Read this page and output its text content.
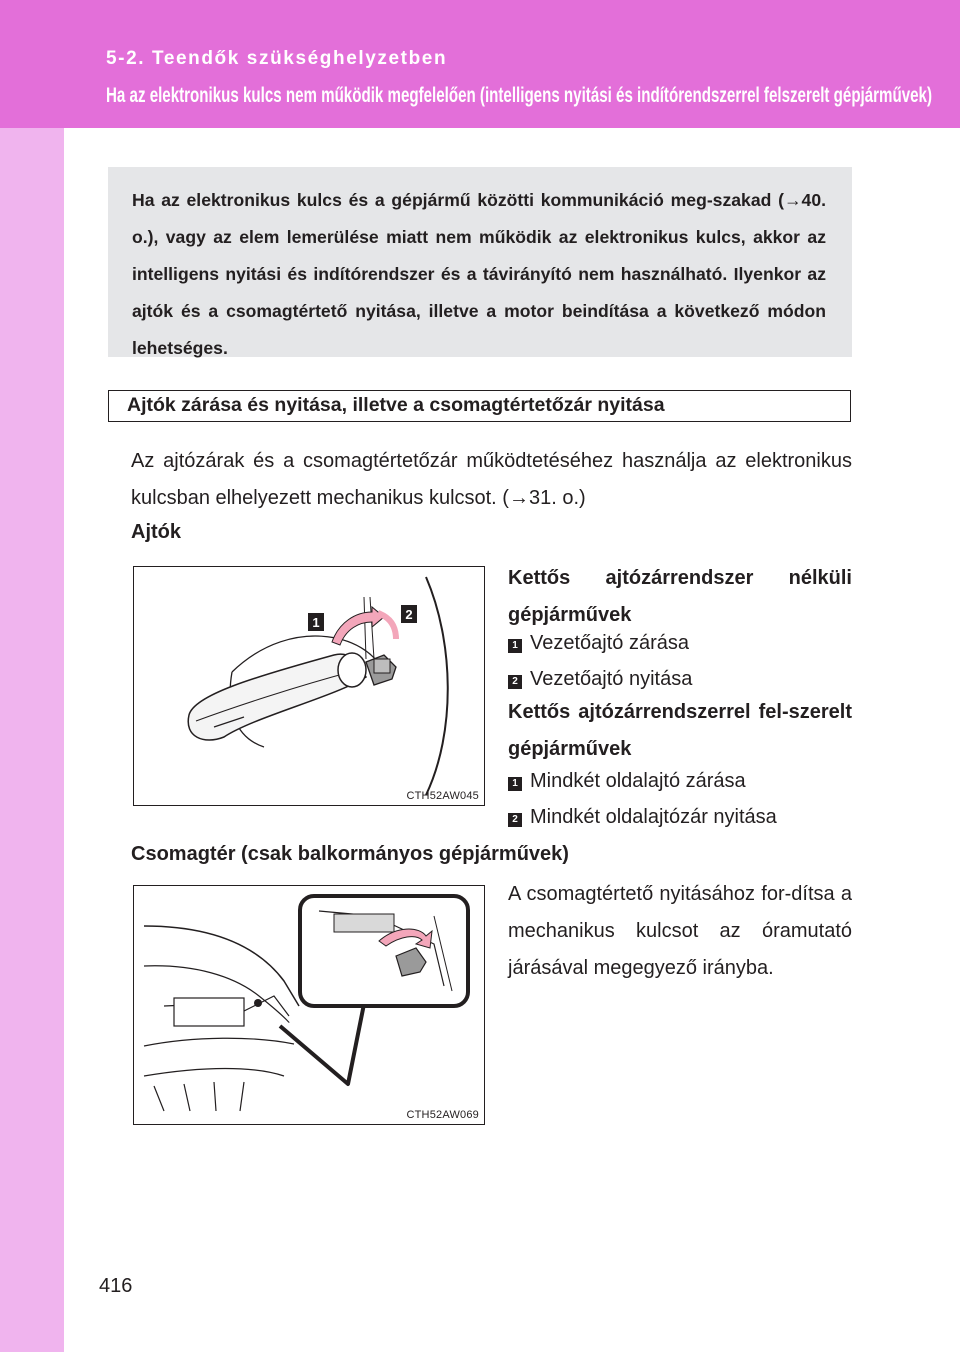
5-2. Teendők szükséghelyzetben
Ha az elektronikus kulcs nem működik megfelelően (intelligens nyitási és indítórendszerrel felszerelt gépjárművek)
Ha az elektronikus kulcs és a gépjármű közötti kommunikáció meg-szakad (→40. o.), vagy az elem lemerülése miatt nem működik az elektronikus kulcs, akkor az intelligens nyitási és indítórendszer és a távirányító nem használható. Ilyenkor az ajtók és a csomagtértető nyitása, illetve a motor beindítása a következő módon lehetséges.
Ajtók zárása és nyitása, illetve a csomagtértetőzár nyitása
Az ajtózárak és a csomagtértetőzár működtetéséhez használja az elektronikus kulcsban elhelyezett mechanikus kulcsot. (→31. o.)
Ajtók
1
2
CTH52AW045
Kettős ajtózárrendszer nélküli gépjárművek
1 Vezetőajtó zárása
2 Vezetőajtó nyitása
Kettős ajtózárrendszerrel fel-szerelt gépjárművek
1 Mindkét oldalajtó zárása
2 Mindkét oldalajtózár nyitása
Csomagtér (csak balkormányos gépjárművek)
CTH52AW069
A csomagtértető nyitásához for-dítsa a mechanikus kulcsot az óramutató járásával megegyező irányba.
416
